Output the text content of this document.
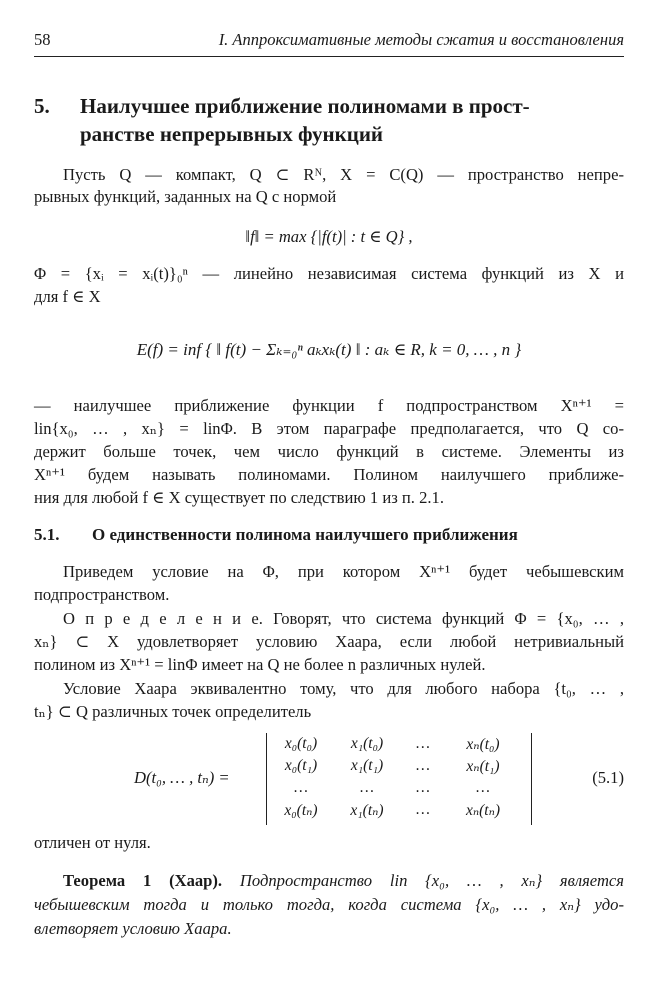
58	I. Аппроксимативные методы сжатия и восстановления
5. Наилучшее приближение полиномами в прост-
ранстве непрерывных функций
Пусть Q — компакт, Q ⊂ Rᴺ, X = C(Q) — пространство непре-
рывных функций, заданных на Q с нормой
‖f‖ = max {|f(t)| : t ∈ Q} ,
Φ = {xᵢ = xᵢ(t)}₀ⁿ — линейно независимая система функций из X и
для f ∈ X
E(f) = inf { ‖ f(t) − Σₖ₌₀ⁿ aₖxₖ(t) ‖ : aₖ ∈ R, k = 0, … , n }
— наилучшее приближение функции f подпространством Xⁿ⁺¹ =
lin{x₀, … , xₙ} = linΦ. В этом параграфе предполагается, что Q со-
держит больше точек, чем число функций в системе. Элементы из
Xⁿ⁺¹ будем называть полиномами. Полином наилучшего приближе-
ния для любой f ∈ X существует по следствию 1 из п. 2.1.
5.1. О единственности полинома наилучшего приближения
Приведем условие на Φ, при котором Xⁿ⁺¹ будет чебышевским
подпространством.
О п р е д е л е н и е. Говорят, что система функций Φ = {x₀, … ,
xₙ} ⊂ X удовлетворяет условию Хаара, если любой нетривиальный
полином из Xⁿ⁺¹ = linΦ имеет на Q не более n различных нулей.
Условие Хаара эквивалентно тому, что для любого набора {t₀, … ,
tₙ} ⊂ Q различных точек определитель
D(t₀, … , tₙ) =	(5.1)
x₀(t₀)	x₁(t₀)	…	xₙ(t₀)
x₀(t₁)	x₁(t₁)	…	xₙ(t₁)
…	…	…	…
x₀(tₙ)	x₁(tₙ)	…	xₙ(tₙ)
отличен от нуля.
Теорема 1 (Хаар). Подпространство lin {x₀, … , xₙ} является
чебышевским тогда и только тогда, когда система {x₀, … , xₙ} удо-
влетворяет условию Хаара.
